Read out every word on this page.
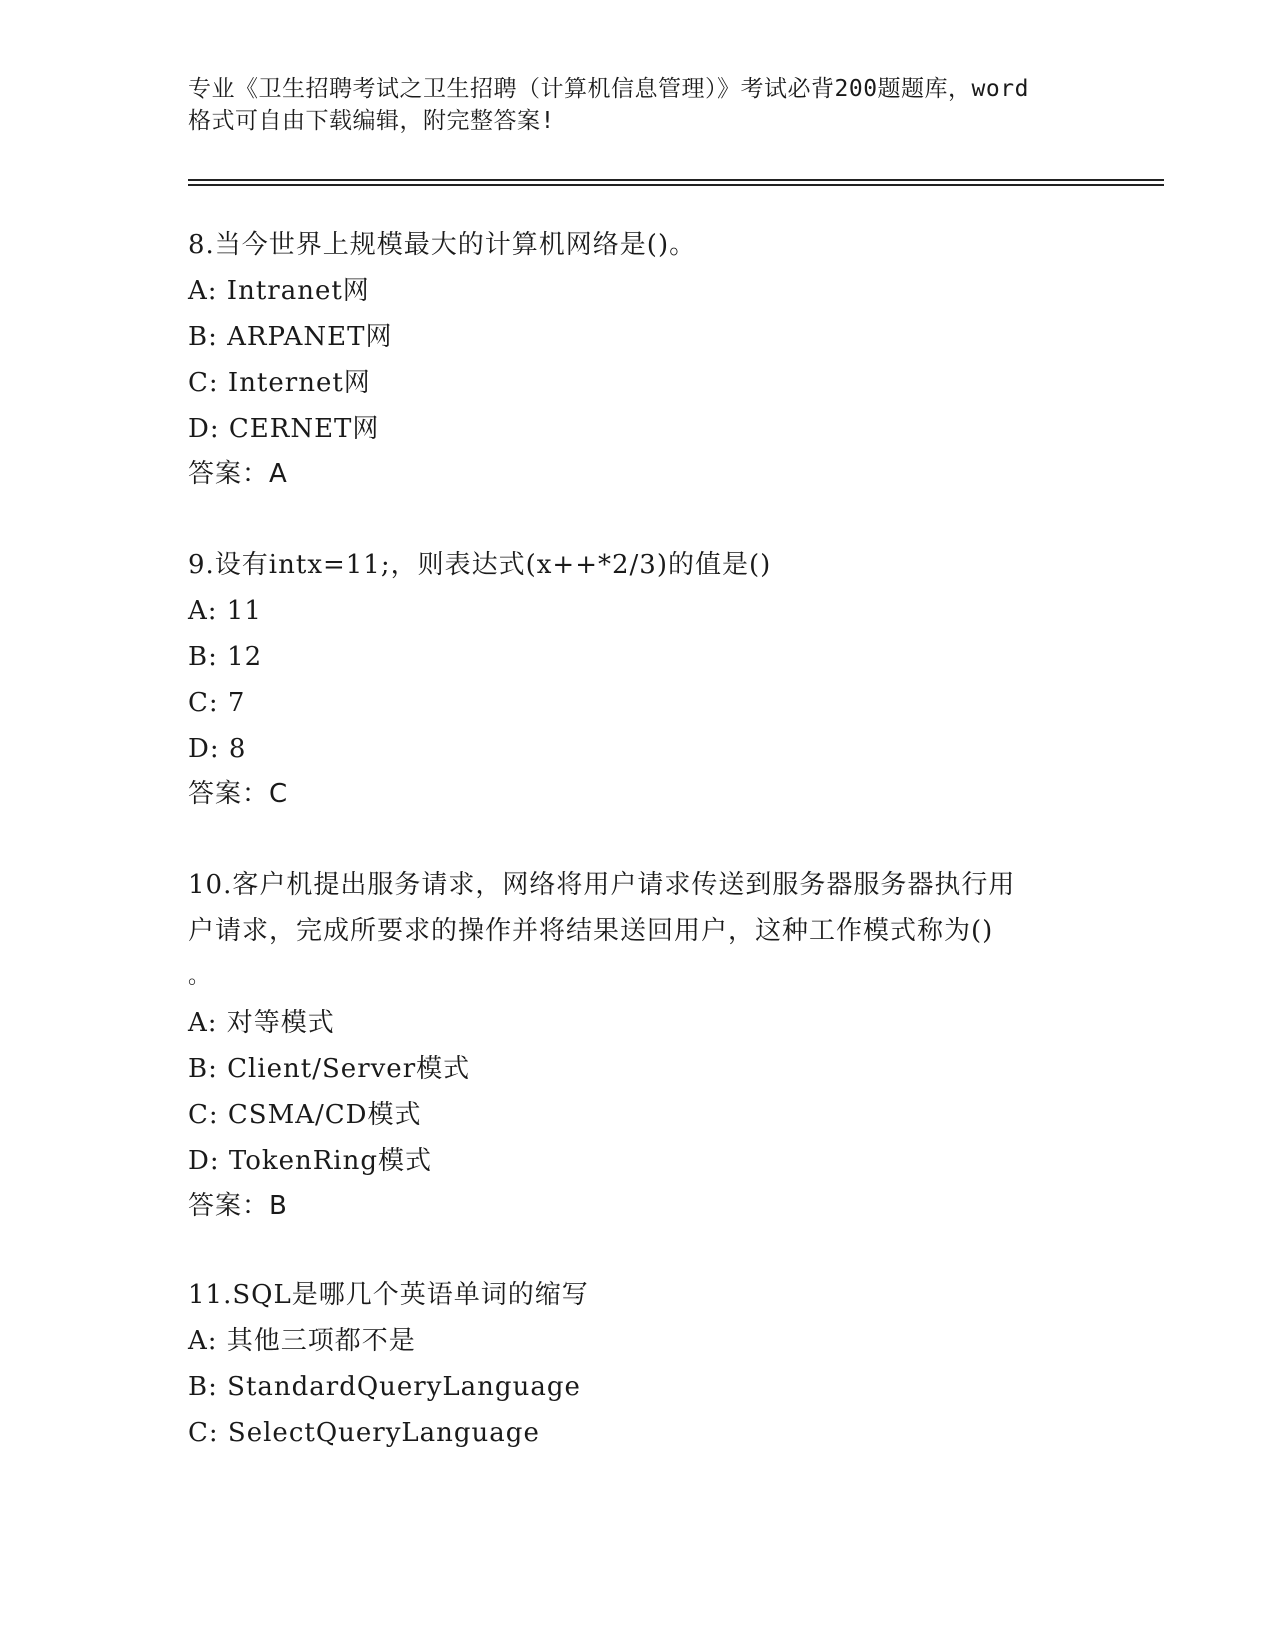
专业《卫生招聘考试之卫生招聘（计算机信息管理）》考试必背200题题库，word
格式可自由下载编辑，附完整答案!
8.当今世界上规模最大的计算机网络是()。
A: Intranet网
B: ARPANET网
C: Internet网
D: CERNET网
答案：A
9.设有intx=11;，则表达式(x++*2/3)的值是()
A: 11
B: 12
C: 7
D: 8
答案：C
10.客户机提出服务请求，网络将用户请求传送到服务器服务器执行用
户请求，完成所要求的操作并将结果送回用户，这种工作模式称为()
。
A: 对等模式
B: Client/Server模式
C: CSMA/CD模式
D: TokenRing模式
答案：B
11.SQL是哪几个英语单词的缩写
A: 其他三项都不是
B: StandardQueryLanguage
C: SelectQueryLanguage
